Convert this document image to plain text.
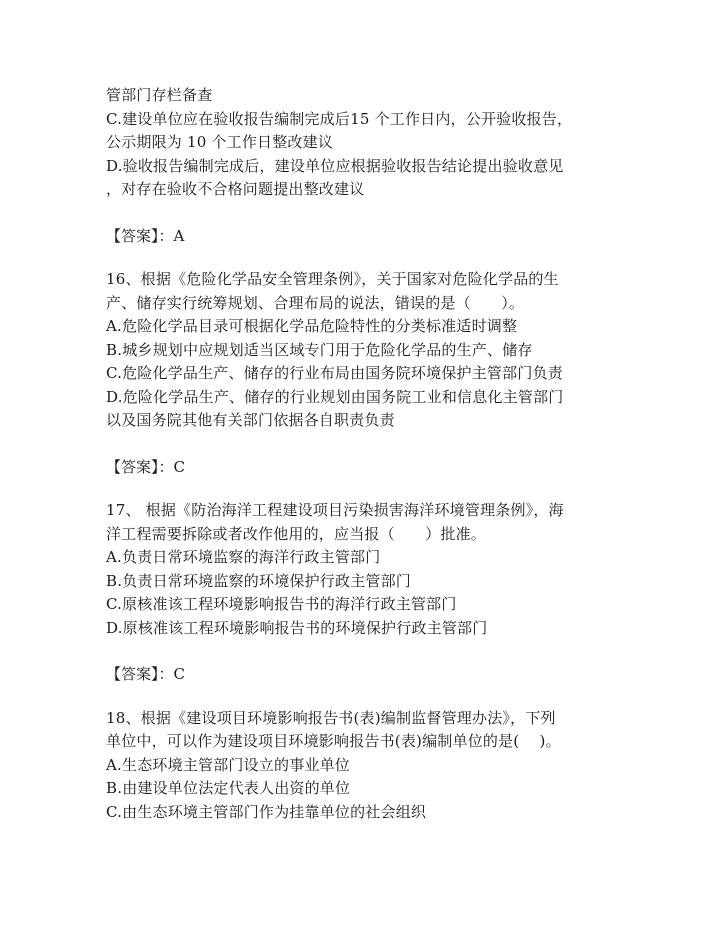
管部门存栏备查
C.建设单位应在验收报告编制完成后15 个工作日内，公开验收报告，
公示期限为 10 个工作日整改建议
D.验收报告编制完成后，建设单位应根据验收报告结论提出验收意见
，对存在验收不合格问题提出整改建议
【答案】：A
16、根据《危险化学品安全管理条例》，关于国家对危险化学品的生
产、储存实行统筹规划、合理布局的说法，错误的是（　　）。
A.危险化学品目录可根据化学品危险特性的分类标准适时调整
B.城乡规划中应规划适当区域专门用于危险化学品的生产、储存
C.危险化学品生产、储存的行业布局由国务院环境保护主管部门负责
D.危险化学品生产、储存的行业规划由国务院工业和信息化主管部门
以及国务院其他有关部门依据各自职责负责
【答案】：C
17、 根据《防治海洋工程建设项目污染损害海洋环境管理条例》，海
洋工程需要拆除或者改作他用的，应当报（　　）批准。
A.负责日常环境监察的海洋行政主管部门
B.负责日常环境监察的环境保护行政主管部门
C.原核准该工程环境影响报告书的海洋行政主管部门
D.原核准该工程环境影响报告书的环境保护行政主管部门
【答案】：C
18、根据《建设项目环境影响报告书(表)编制监督管理办法》，下列
单位中，可以作为建设项目环境影响报告书(表)编制单位的是(　 )。
A.生态环境主管部门设立的事业单位
B.由建设单位法定代表人出资的单位
C.由生态环境主管部门作为挂靠单位的社会组织
